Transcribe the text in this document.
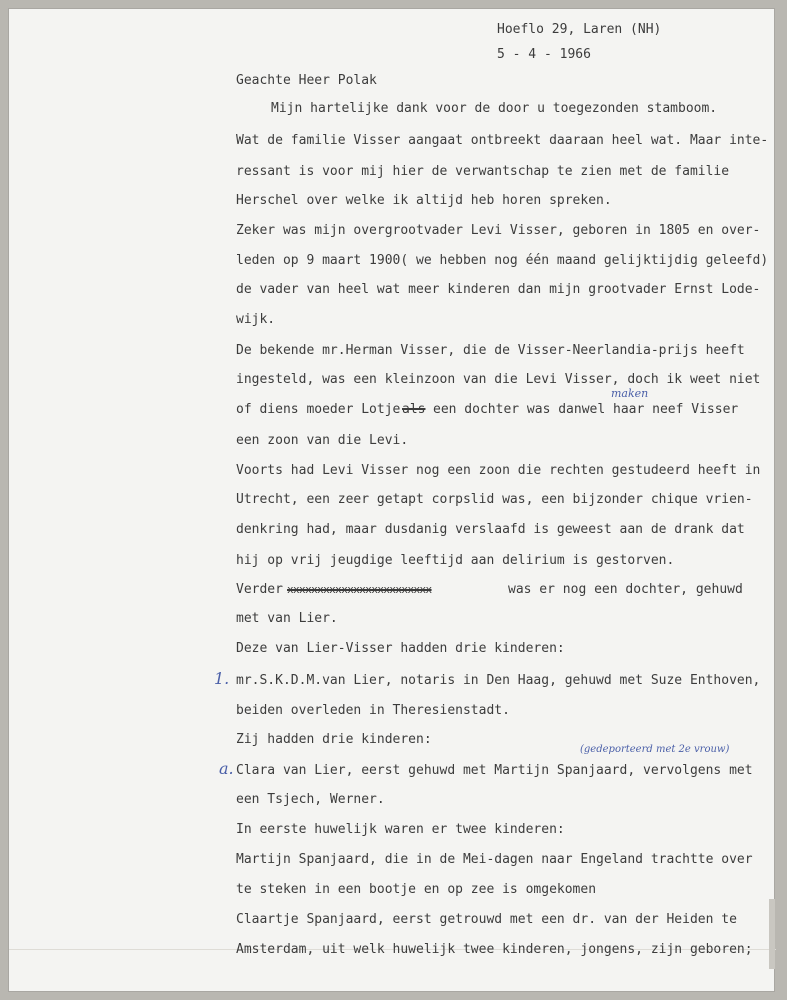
Hoeflo 29, Laren (NH)
5 - 4 - 1966
Geachte Heer Polak
Mijn hartelijke dank voor de door u toegezonden stamboom.
Wat de familie Visser aangaat ontbreekt daaraan heel wat. Maar inte-
ressant is voor mij hier de verwantschap te zien met de familie
Herschel over welke ik altijd heb horen spreken.
Zeker was mijn overgrootvader Levi Visser, geboren in 1805 en over-
leden op 9 maart 1900( we hebben nog één maand gelijktijdig geleefd)
de vader van heel wat meer kinderen dan mijn grootvader Ernst Lode-
wijk.
De bekende mr.Herman Visser, die de Visser-Neerlandia-prijs heeft
ingesteld, was een kleinzoon van die Levi Visser, doch ik weet niet
of diens moeder Lotje als een dochter was danwel haar neef Visser
maken
een zoon van die Levi.
Voorts had Levi Visser nog een zoon die rechten gestudeerd heeft in
Utrecht, een zeer getapt corpslid was, een bijzonder chique vrien-
denkring had, maar dusdanig verslaafd is geweest aan de drank dat
hij op vrij jeugdige leeftijd aan delirium is gestorven.
Verder xxxxxxxxxxxxxxxxxxxxxxxx	was er nog een dochter, gehuwd
met van Lier.
Deze van Lier-Visser hadden drie kinderen:
1. mr.S.K.D.M.van Lier, notaris in Den Haag, gehuwd met Suze Enthoven,
beiden overleden in Theresienstadt.
Zij hadden drie kinderen:
(gedeporteerd met 2e vrouw)
a. Clara van Lier, eerst gehuwd met Martijn Spanjaard, vervolgens met
een Tsjech, Werner.
In eerste huwelijk waren er twee kinderen:
Martijn Spanjaard, die in de Mei-dagen naar Engeland trachtte over
te steken in een bootje en op zee is omgekomen
Claartje Spanjaard, eerst getrouwd met een dr. van der Heiden te
Amsterdam, uit welk huwelijk twee kinderen, jongens, zijn geboren;
